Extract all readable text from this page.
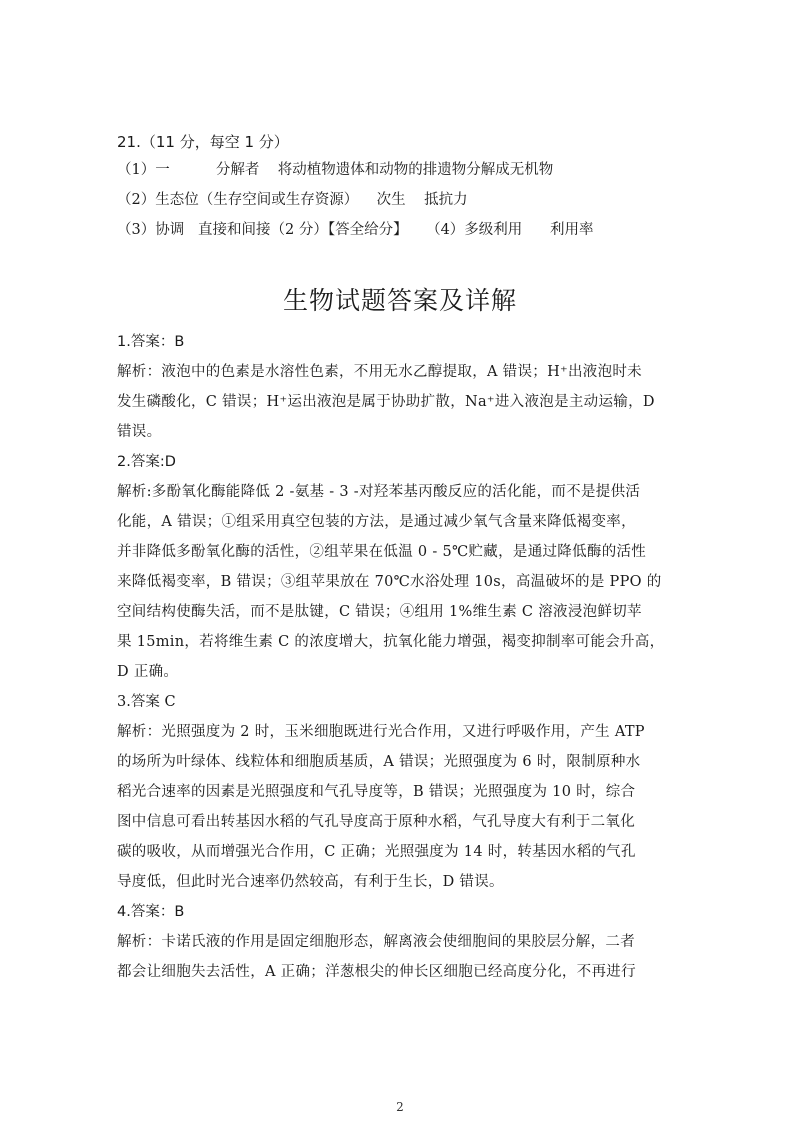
21.（11 分，每空 1 分）
（1）一          分解者    将动植物遗体和动物的排遗物分解成无机物
（2）生态位（生存空间或生存资源）    次生    抵抗力
（3）协调   直接和间接（2 分）【答全给分】    （4）多级利用      利用率
生物试题答案及详解
1.答案：B
解析：液泡中的色素是水溶性色素，不用无水乙醇提取，A 错误；H⁺出液泡时未
发生磷酸化，C 错误；H⁺运出液泡是属于协助扩散，Na⁺进入液泡是主动运输，D
错误。
2.答案:D
解析:多酚氧化酶能降低 2 -氨基 - 3 -对羟苯基丙酸反应的活化能，而不是提供活
化能，A 错误；①组采用真空包装的方法，是通过减少氧气含量来降低褐变率，
并非降低多酚氧化酶的活性，②组苹果在低温 0 - 5℃贮藏，是通过降低酶的活性
来降低褐变率，B 错误；③组苹果放在 70℃水浴处理 10s，高温破坏的是 PPO 的
空间结构使酶失活，而不是肽键，C 错误；④组用 1%维生素 C 溶液浸泡鲜切苹
果 15min，若将维生素 C 的浓度增大，抗氧化能力增强，褐变抑制率可能会升高，
D 正确。
3.答案 C
解析：光照强度为 2 时，玉米细胞既进行光合作用，又进行呼吸作用，产生 ATP
的场所为叶绿体、线粒体和细胞质基质，A 错误；光照强度为 6 时，限制原种水
稻光合速率的因素是光照强度和气孔导度等，B 错误；光照强度为 10 时，综合
图中信息可看出转基因水稻的气孔导度高于原种水稻，气孔导度大有利于二氧化
碳的吸收，从而增强光合作用，C 正确；光照强度为 14 时，转基因水稻的气孔
导度低，但此时光合速率仍然较高，有利于生长，D 错误。
4.答案：B
解析：卡诺氏液的作用是固定细胞形态，解离液会使细胞间的果胶层分解，二者
都会让细胞失去活性，A 正确；洋葱根尖的伸长区细胞已经高度分化，不再进行
2
